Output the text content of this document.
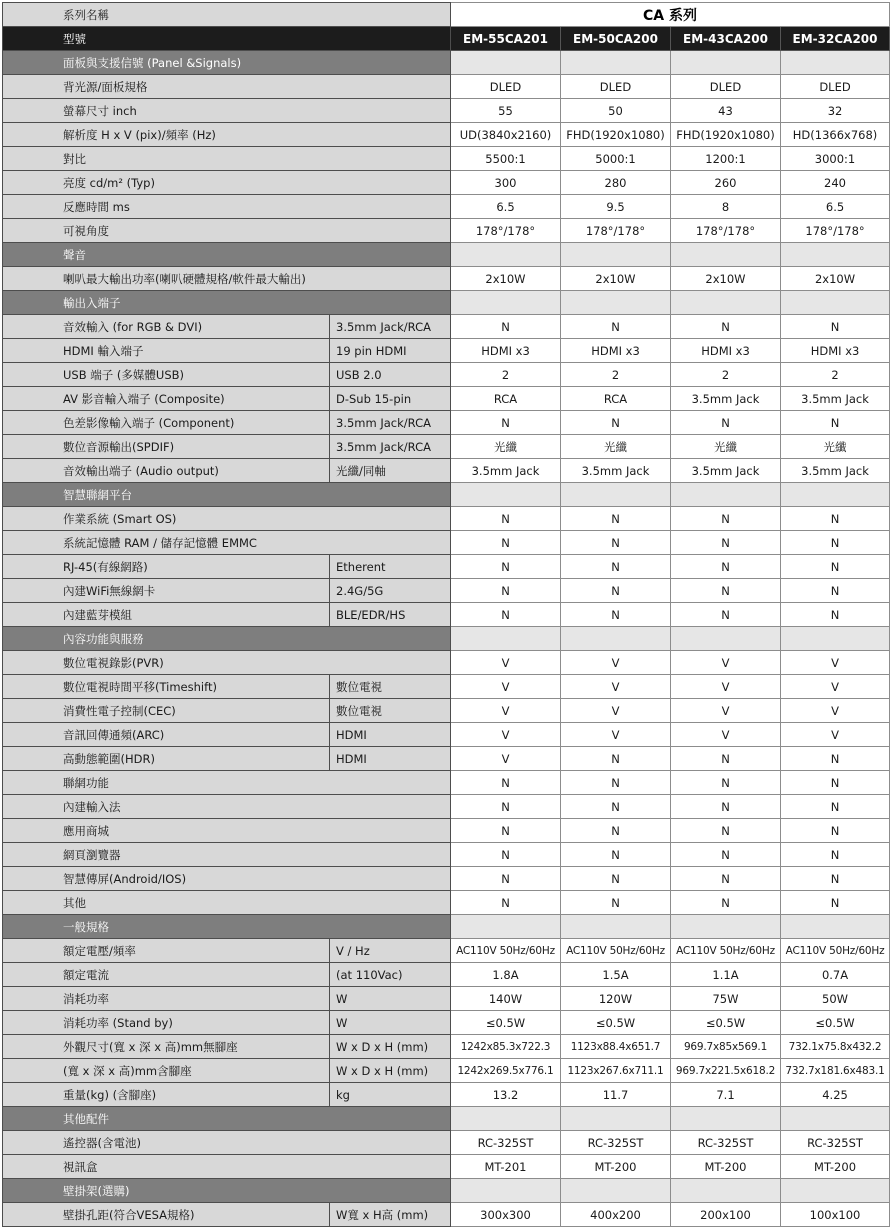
系列名稱		CA 系列			
型號		EM-55CA201	EM-50CA200	EM-43CA200	EM-32CA200
面板與支援信號 (Panel &Signals)					
背光源/面板規格		DLED	DLED	DLED	DLED
螢幕尺寸 inch		55	50	43	32
解析度 H x V (pix)/頻率 (Hz)		UD(3840x2160)	FHD(1920x1080)	FHD(1920x1080)	HD(1366x768)
對比		5500:1	5000:1	1200:1	3000:1
亮度 cd/m² (Typ)		300	280	260	240
反應時間 ms		6.5	9.5	8	6.5
可視角度		178°/178°	178°/178°	178°/178°	178°/178°
聲音					
喇叭最大輸出功率(喇叭硬體規格/軟件最大輸出)		2x10W	2x10W	2x10W	2x10W
輸出入端子					
音效輸入 (for RGB & DVI)	3.5mm Jack/RCA	N	N	N	N
HDMI 輸入端子	19 pin HDMI	HDMI x3	HDMI x3	HDMI x3	HDMI x3
USB 端子 (多媒體USB)	USB 2.0	2	2	2	2
AV 影音輸入端子 (Composite)	D-Sub 15-pin	RCA	RCA	3.5mm Jack	3.5mm Jack
色差影像輸入端子 (Component)	3.5mm Jack/RCA	N	N	N	N
數位音源輸出(SPDIF)	3.5mm Jack/RCA	光纖	光纖	光纖	光纖
音效輸出端子 (Audio output)	光纖/同軸	3.5mm Jack	3.5mm Jack	3.5mm Jack	3.5mm Jack
智慧聯網平台					
作業系統 (Smart OS)		N	N	N	N
系統記憶體 RAM / 儲存記憶體 EMMC		N	N	N	N
RJ-45(有線網路)	Etherent	N	N	N	N
內建WiFi無線網卡	2.4G/5G	N	N	N	N
內建藍芽模組	BLE/EDR/HS	N	N	N	N
內容功能與服務					
數位電視錄影(PVR)		V	V	V	V
數位電視時間平移(Timeshift)	數位電視	V	V	V	V
消費性電子控制(CEC)	數位電視	V	V	V	V
音訊回傳通頻(ARC)	HDMI	V	V	V	V
高動態範圍(HDR)	HDMI	V	N	N	N
聯網功能		N	N	N	N
內建輸入法		N	N	N	N
應用商城		N	N	N	N
網頁瀏覽器		N	N	N	N
智慧傳屏(Android/IOS)		N	N	N	N
其他		N	N	N	N
一般規格					
額定電壓/頻率	V / Hz	AC110V 50Hz/60Hz	AC110V 50Hz/60Hz	AC110V 50Hz/60Hz	AC110V 50Hz/60Hz
額定電流	(at 110Vac)	1.8A	1.5A	1.1A	0.7A
消耗功率	W	140W	120W	75W	50W
消耗功率 (Stand by)	W	≤0.5W	≤0.5W	≤0.5W	≤0.5W
外觀尺寸(寬 x 深 x 高)mm無腳座	W x D x H (mm)	1242x85.3x722.3	1123x88.4x651.7	969.7x85x569.1	732.1x75.8x432.2
(寬 x 深 x 高)mm含腳座	W x D x H (mm)	1242x269.5x776.1	1123x267.6x711.1	969.7x221.5x618.2	732.7x181.6x483.1
重量(kg) (含腳座)	kg	13.2	11.7	7.1	4.25
其他配件					
遙控器(含電池)		RC-325ST	RC-325ST	RC-325ST	RC-325ST
視訊盒		MT-201	MT-200	MT-200	MT-200
壁掛架(選購)					
壁掛孔距(符合VESA規格)	W寬 x H高 (mm)	300x300	400x200	200x100	100x100
